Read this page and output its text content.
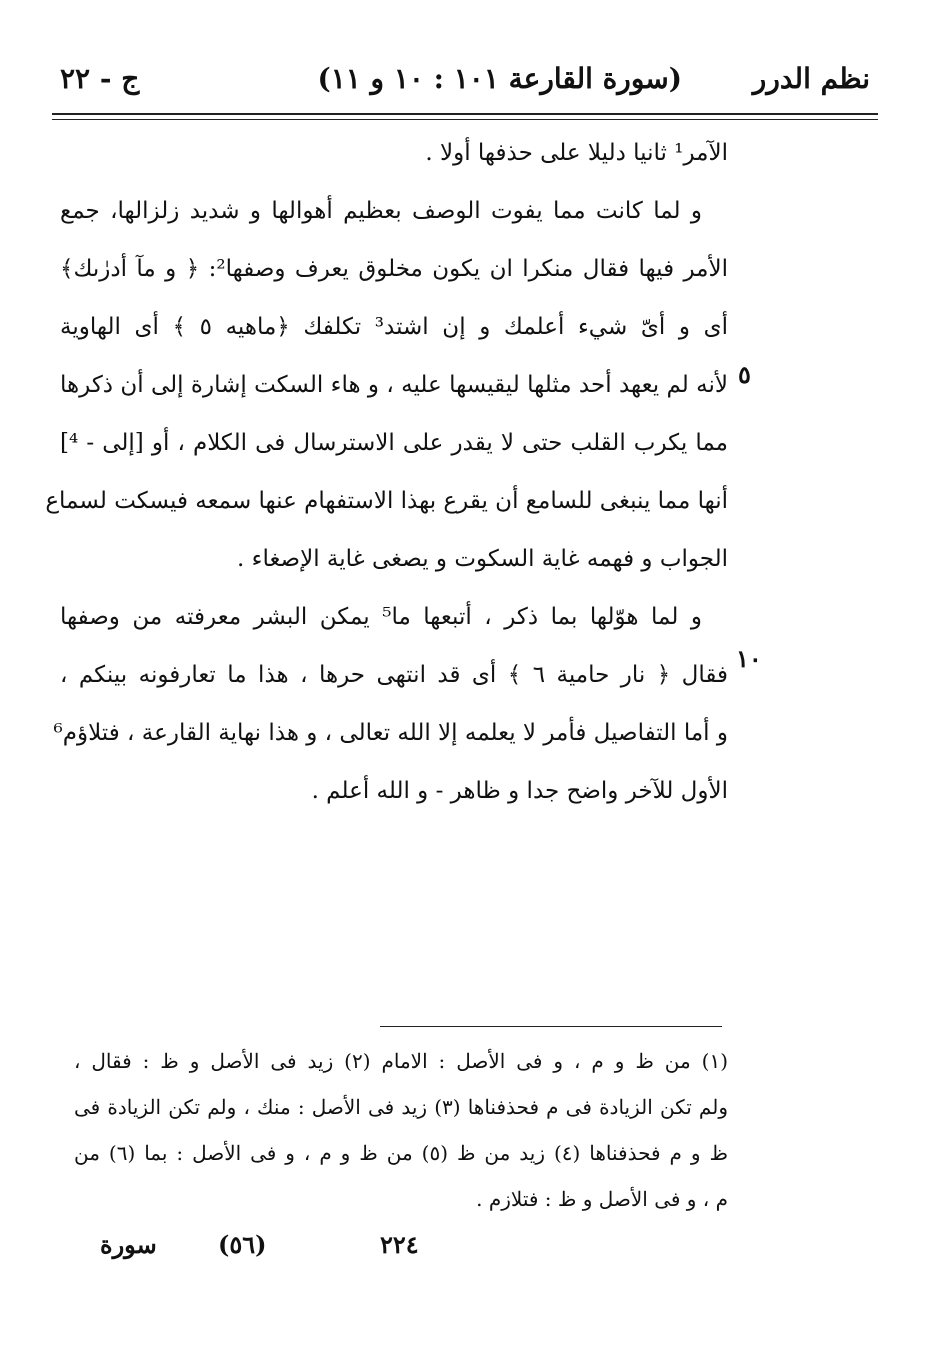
نظم الدرر
(سورة القارعة ١٠١ : ١٠ و ١١)
ج - ٢٢
الآمر¹ ثانيا دليلا على حذفها أولا .
و لما كانت مما يفوت الوصف بعظيم أهوالها و شديد زلزالها، جمع
الأمر فيها فقال منكرا ان يكون مخلوق يعرف وصفها²: ﴿ و مآ أدرٰىك﴾
أى و أىّ شيء أعلمك و إن اشتد³ تكلفك ﴿ماهيه ٥ ﴾ أى الهاوية
لأنه لم يعهد أحد مثلها ليقيسها عليه ، و هاء السكت إشارة إلى أن ذكرها
مما يكرب القلب حتى لا يقدر على الاسترسال فى الكلام ، أو [إلى - ⁴]
أنها مما ينبغى للسامع أن يقرع بهذا الاستفهام عنها سمعه فيسكت لسماع
الجواب و فهمه غاية السكوت و يصغى غاية الإصغاء .
و لما هوّلها بما ذكر ، أتبعها ما⁵ يمكن البشر معرفته من وصفها
فقال ﴿ نار حامية ٦ ﴾ أى قد انتهى حرها ، هذا ما تعارفونه بينكم ،
و أما التفاصيل فأمر لا يعلمه إلا الله تعالى ، و هذا نهاية القارعة ، فتلاؤم⁶
الأول للآخر واضح جدا و ظاهر - و الله أعلم .
٥
١٠
(١) من ظ و م ، و فى الأصل : الامام (٢) زيد فى الأصل و ظ : فقال ،
ولم تكن الزيادة فى م فحذفناها (٣) زيد فى الأصل : منك ، ولم تكن الزيادة فى
ظ و م فحذفناها (٤) زيد من ظ (٥) من ظ و م ، و فى الأصل : بما (٦) من
م ، و فى الأصل و ظ : فتلازم .
٢٢٤
(٥٦)
سورة
